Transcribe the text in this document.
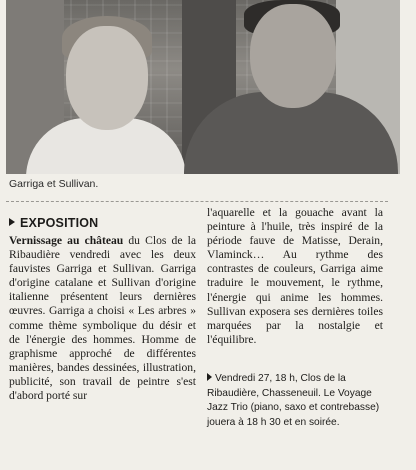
Garriga et Sullivan.
EXPOSITION
Vernissage au château du Clos de la Ribaudière vendredi avec les deux fauvistes Garriga et Sullivan. Garriga d'origine catalane et Sullivan d'origine italienne présentent leurs dernières œuvres. Garriga a choisi « Les arbres » comme thème symbolique du désir et de l'énergie des hommes. Homme de graphisme approché de différentes manières, bandes dessinées, illustration, publicité, son travail de peintre s'est d'abord porté sur
l'aquarelle et la gouache avant la peinture à l'huile, très inspiré de la période fauve de Matisse, Derain, Vlaminck… Au rythme des contrastes de couleurs, Garriga aime traduire le mouvement, le rythme, l'énergie qui anime les hommes. Sullivan exposera ses dernières toiles marquées par la nostalgie et l'équilibre.
Vendredi 27, 18 h, Clos de la Ribaudière, Chasseneuil. Le Voyage Jazz Trio (piano, saxo et contrebasse) jouera à 18 h 30 et en soirée.
